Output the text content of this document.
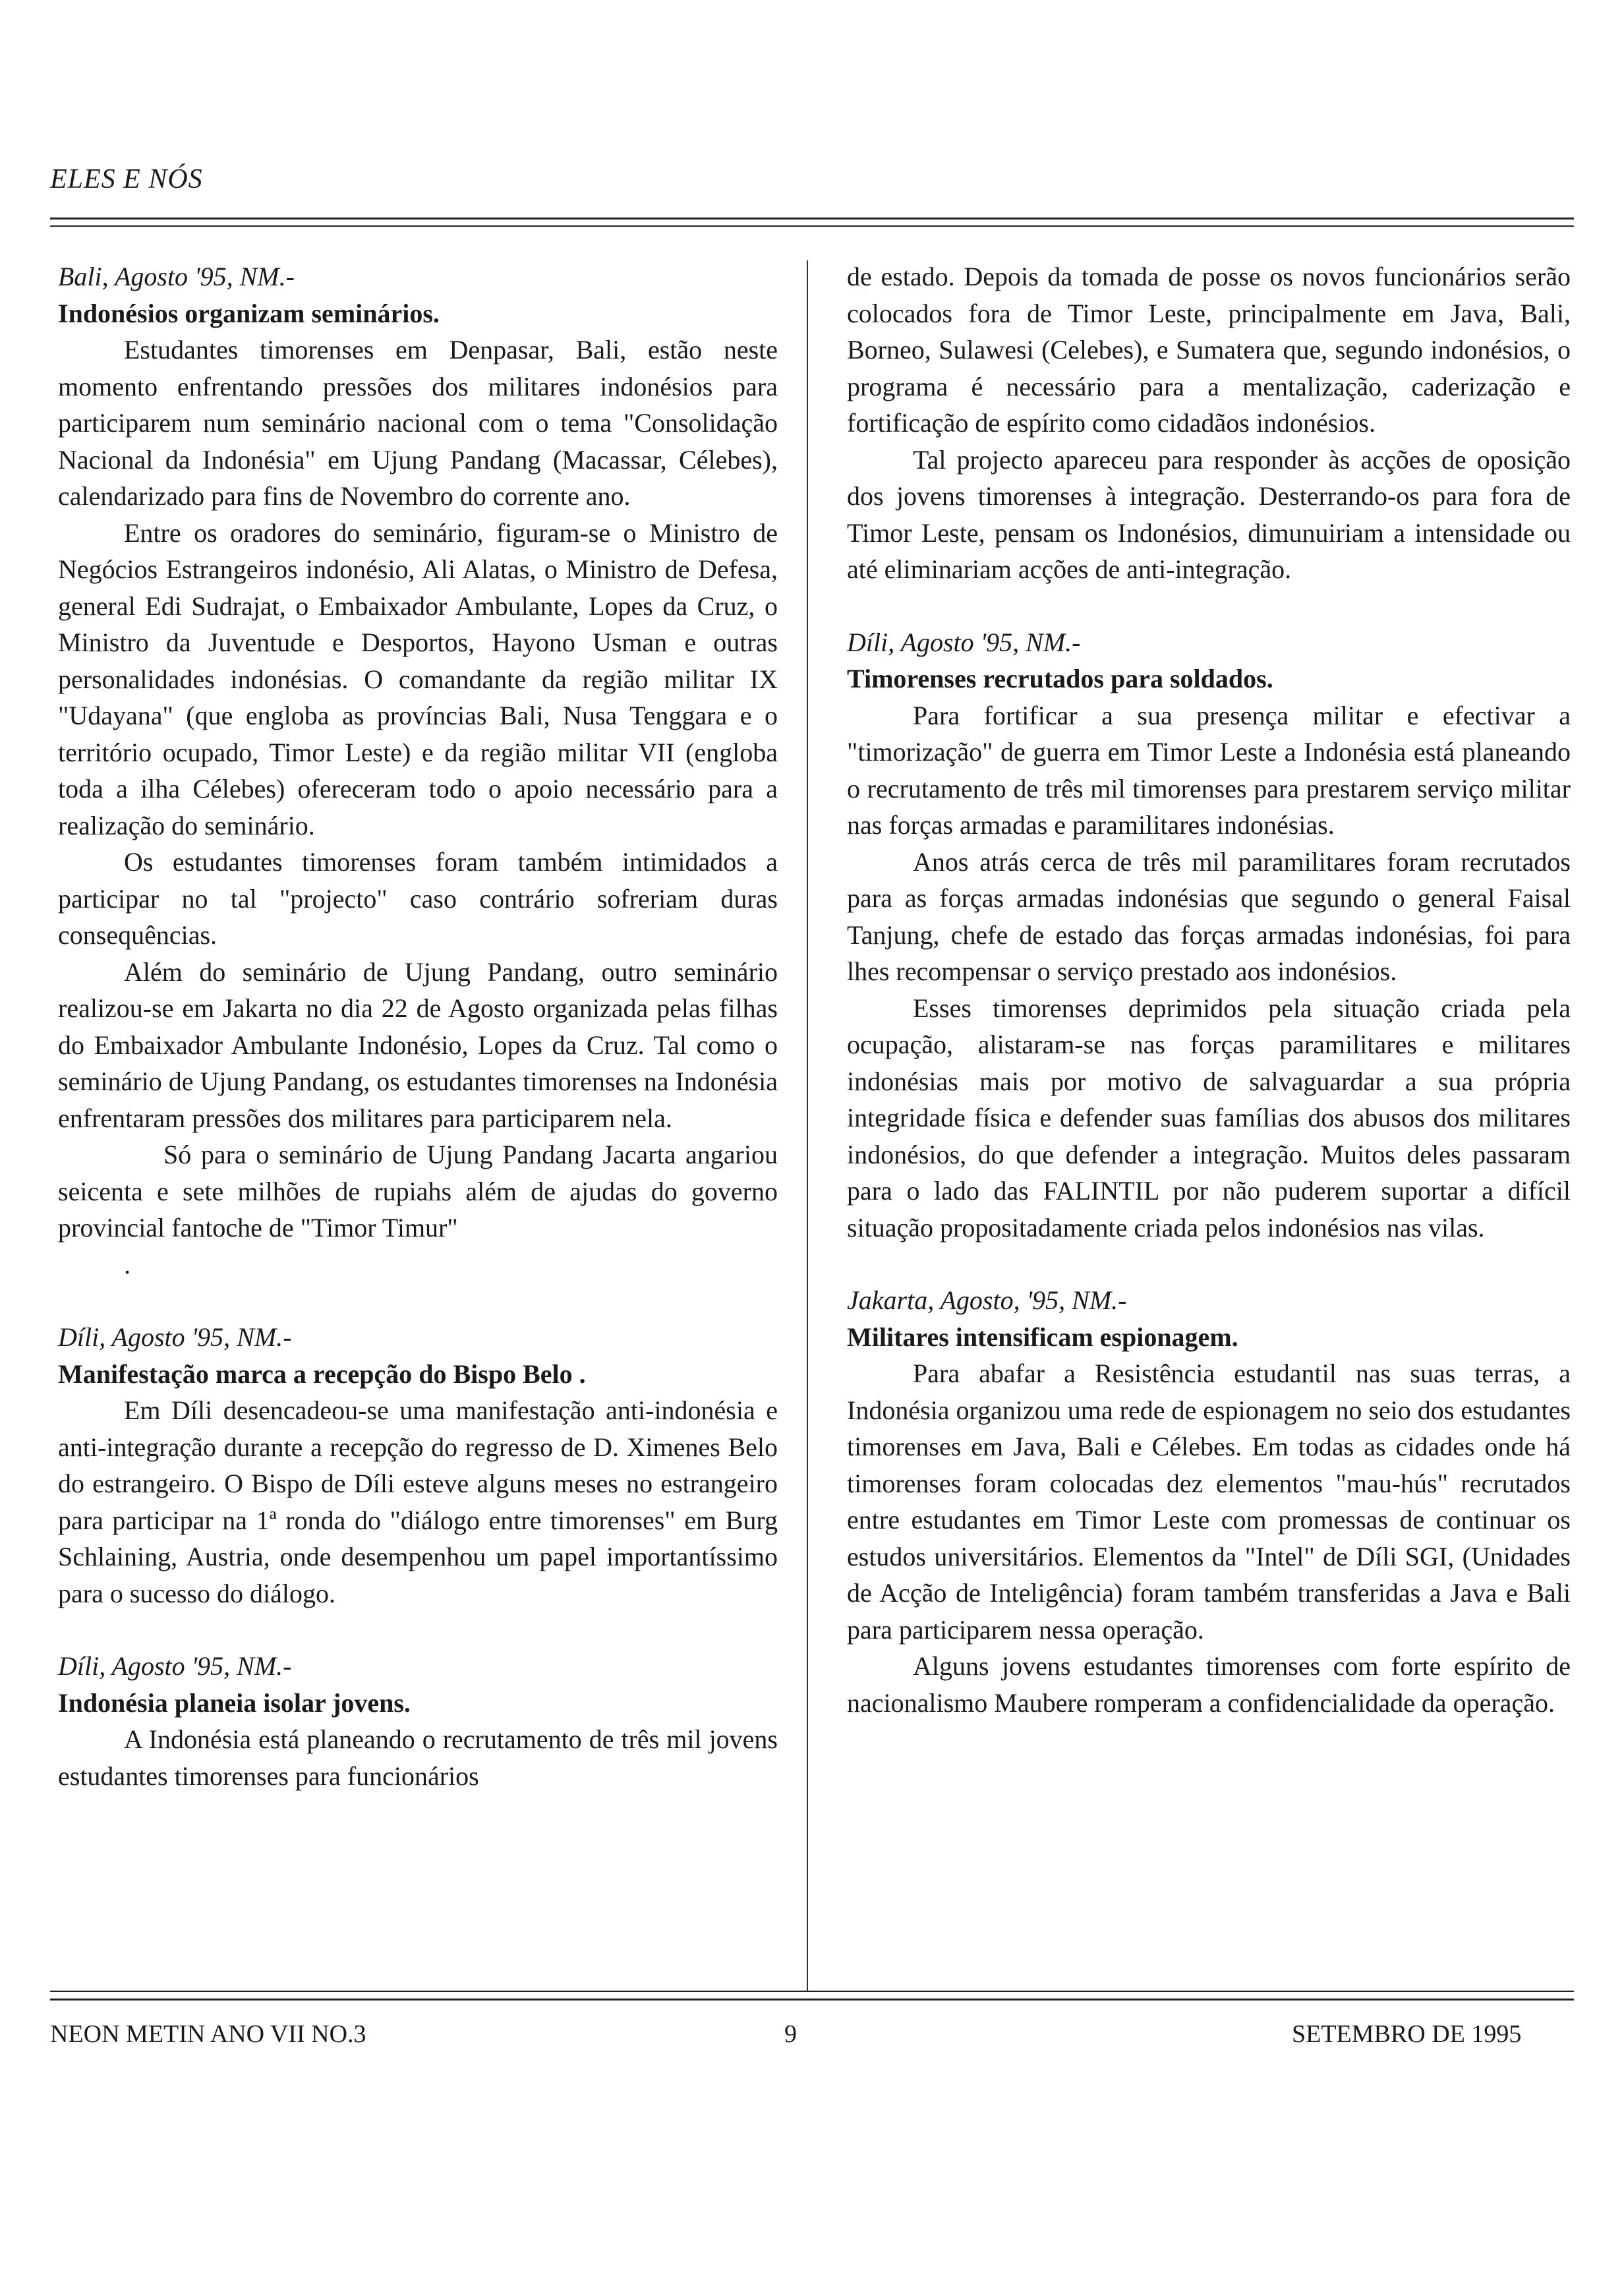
ELES E NÓS
Bali, Agosto '95, NM.-
Indonésios organizam seminários.

Estudantes timorenses em Denpasar, Bali, estão neste momento enfrentando pressões dos militares indonésios para participarem num seminário nacional com o tema "Consolidação Nacional da Indonésia" em Ujung Pandang (Macassar, Célebes), calendarizado para fins de Novembro do corrente ano.

Entre os oradores do seminário, figuram-se o Ministro de Negócios Estrangeiros indonésio, Ali Alatas, o Ministro de Defesa, general Edi Sudrajat, o Embaixador Ambulante, Lopes da Cruz, o Ministro da Juventude e Desportos, Hayono Usman e outras personalidades indonésias. O comandante da região militar IX "Udayana" (que engloba as províncias Bali, Nusa Tenggara e o território ocupado, Timor Leste) e da região militar VII (engloba toda a ilha Célebes) ofereceram todo o apoio necessário para a realização do seminário.

Os estudantes timorenses foram também intimidados a participar no tal "projecto" caso contrário sofreriam duras consequências.

Além do seminário de Ujung Pandang, outro seminário realizou-se em Jakarta no dia 22 de Agosto organizada pelas filhas do Embaixador Ambulante Indonésio, Lopes da Cruz. Tal como o seminário de Ujung Pandang, os estudantes timorenses na Indonésia enfrentaram pressões dos militares para participarem nela.

Só para o seminário de Ujung Pandang Jacarta angariou seicenta e sete milhões de rupiahs além de ajudas do governo provincial fantoche de "Timor Timur"

.

Díli, Agosto '95, NM.-
Manifestação marca a recepção do Bispo Belo .

Em Díli desencadeou-se uma manifestação anti-indonésia e anti-integração durante a recepção do regresso de D. Ximenes Belo do estrangeiro. O Bispo de Díli esteve alguns meses no estrangeiro para participar na 1ª ronda do "diálogo entre timorenses" em Burg Schlaining, Austria, onde desempenhou um papel importantíssimo para o sucesso do diálogo.

Díli, Agosto '95, NM.-
Indonésia planeia isolar jovens.

A Indonésia está planeando o recrutamento de três mil jovens estudantes timorenses para funcionários

de estado. Depois da tomada de posse os novos funcionários serão colocados fora de Timor Leste, principalmente em Java, Bali, Borneo, Sulawesi (Celebes), e Sumatera que, segundo indonésios, o programa é necessário para a mentalização, caderização e fortificação de espírito como cidadãos indonésios.

Tal projecto apareceu para responder às acções de oposição dos jovens timorenses à integração. Desterrando-os para fora de Timor Leste, pensam os Indonésios, dimunuiriam a intensidade ou até eliminariam acções de anti-integração.

Díli, Agosto '95, NM.-
Timorenses recrutados para soldados.

Para fortificar a sua presença militar e efectivar a "timorização" de guerra em Timor Leste a Indonésia está planeando o recrutamento de três mil timorenses para prestarem serviço militar nas forças armadas e paramilitares indonésias.

Anos atrás cerca de três mil paramilitares foram recrutados para as forças armadas indonésias que segundo o general Faisal Tanjung, chefe de estado das forças armadas indonésias, foi para lhes recompensar o serviço prestado aos indonésios.

Esses timorenses deprimidos pela situação criada pela ocupação, alistaram-se nas forças paramilitares e militares indonésias mais por motivo de salvaguardar a sua própria integridade física e defender suas famílias dos abusos dos militares indonésios, do que defender a integração. Muitos deles passaram para o lado das FALINTIL por não puderem suportar a difícil situação propositadamente criada pelos indonésios nas vilas.

Jakarta, Agosto, '95, NM.-
Militares intensificam espionagem.

Para abafar a Resistência estudantil nas suas terras, a Indonésia organizou uma rede de espionagem no seio dos estudantes timorenses em Java, Bali e Célebes. Em todas as cidades onde há timorenses foram colocadas dez elementos "mau-hús" recrutados entre estudantes em Timor Leste com promessas de continuar os estudos universitários. Elementos da "Intel" de Díli SGI, (Unidades de Acção de Inteligência) foram também transferidas a Java e Bali para participarem nessa operação.

Alguns jovens estudantes timorenses com forte espírito de nacionalismo Maubere romperam a confidencialidade da operação.

NEON METIN ANO VII NO.3	9	SETEMBRO DE 1995
